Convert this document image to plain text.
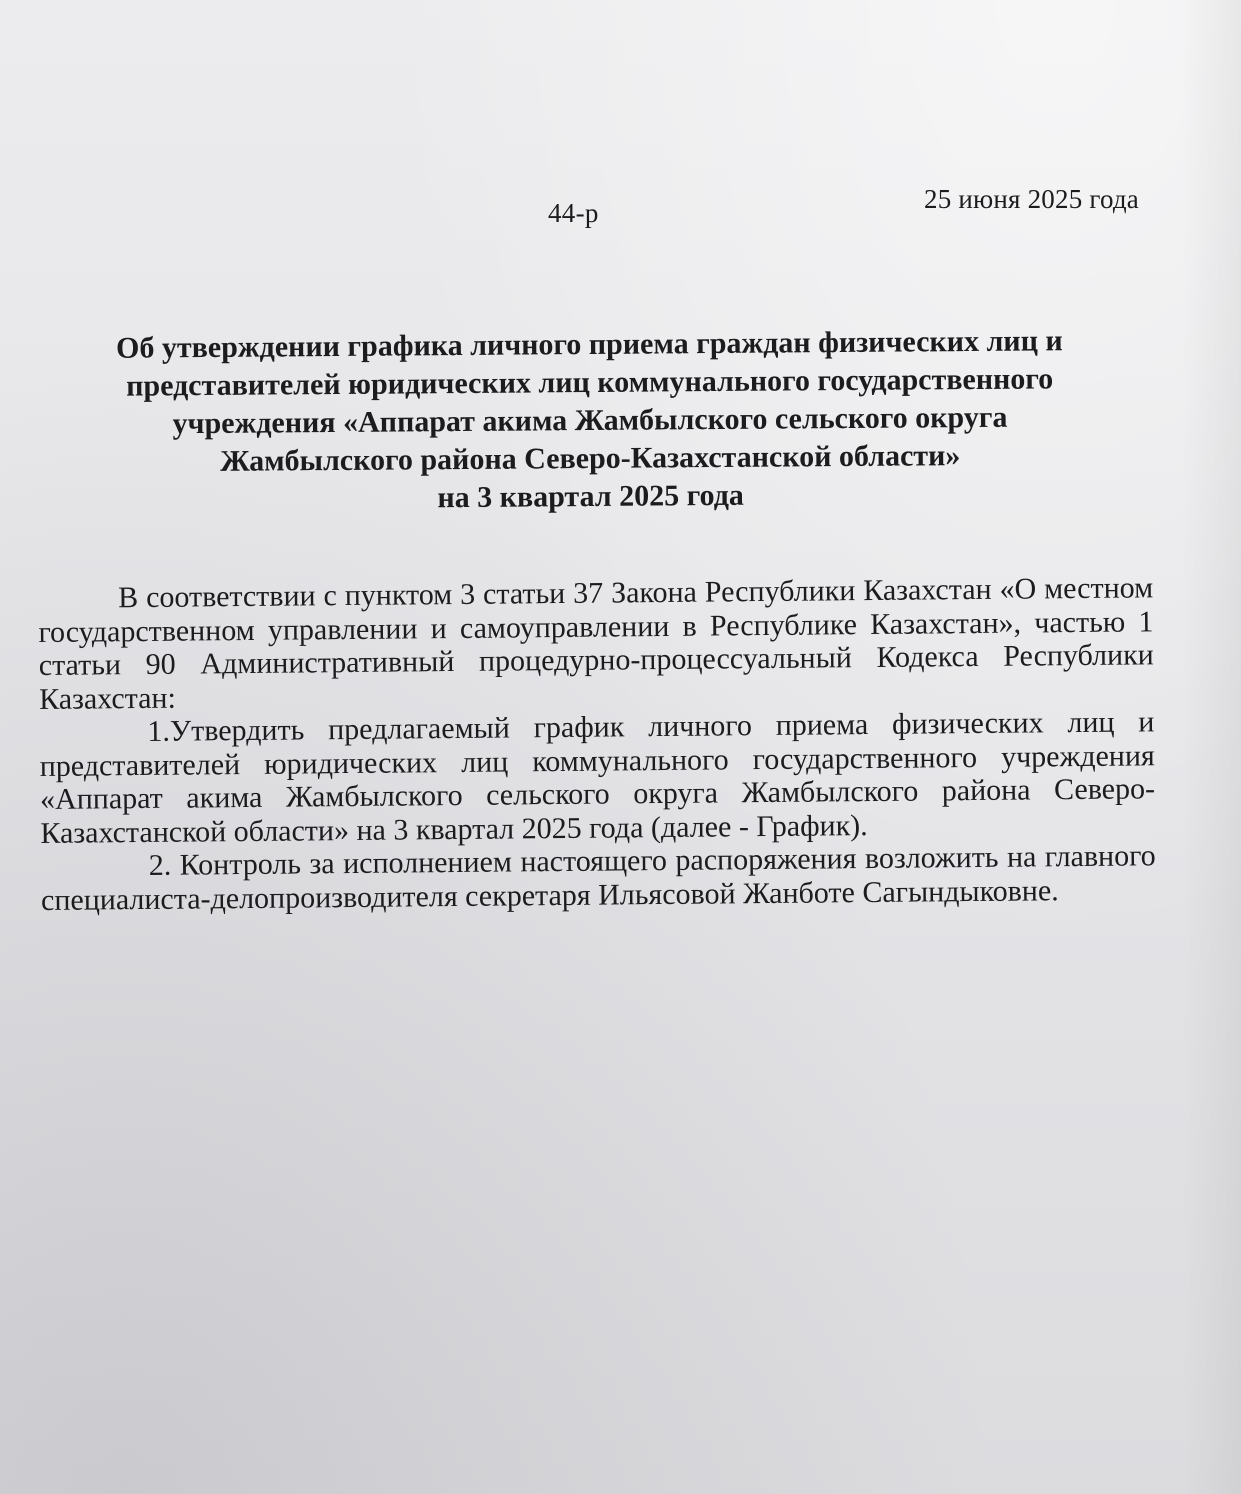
44-р	25 июня 2025 года
Об утверждении графика личного приема граждан физических лиц и
представителей юридических лиц коммунального государственного
учреждения «Аппарат акима Жамбылского сельского округа
Жамбылского района Северо-Казахстанской области»
на 3 квартал 2025 года

В соответствии с пунктом 3 статьи 37 Закона Республики Казахстан «О местном государственном управлении и самоуправлении в Республике Казахстан», частью 1 статьи 90 Административный процедурно-процессуальный Кодекса Республики Казахстан:

1.Утвердить предлагаемый график личного приема физических лиц и представителей юридических лиц коммунального государственного учреждения «Аппарат акима Жамбылского сельского округа Жамбылского района Северо-Казахстанской области» на 3 квартал 2025 года (далее - График).

2. Контроль за исполнением настоящего распоряжения возложить на главного специалиста-делопроизводителя секретаря Ильясовой Жанботе Сагындыковне.
